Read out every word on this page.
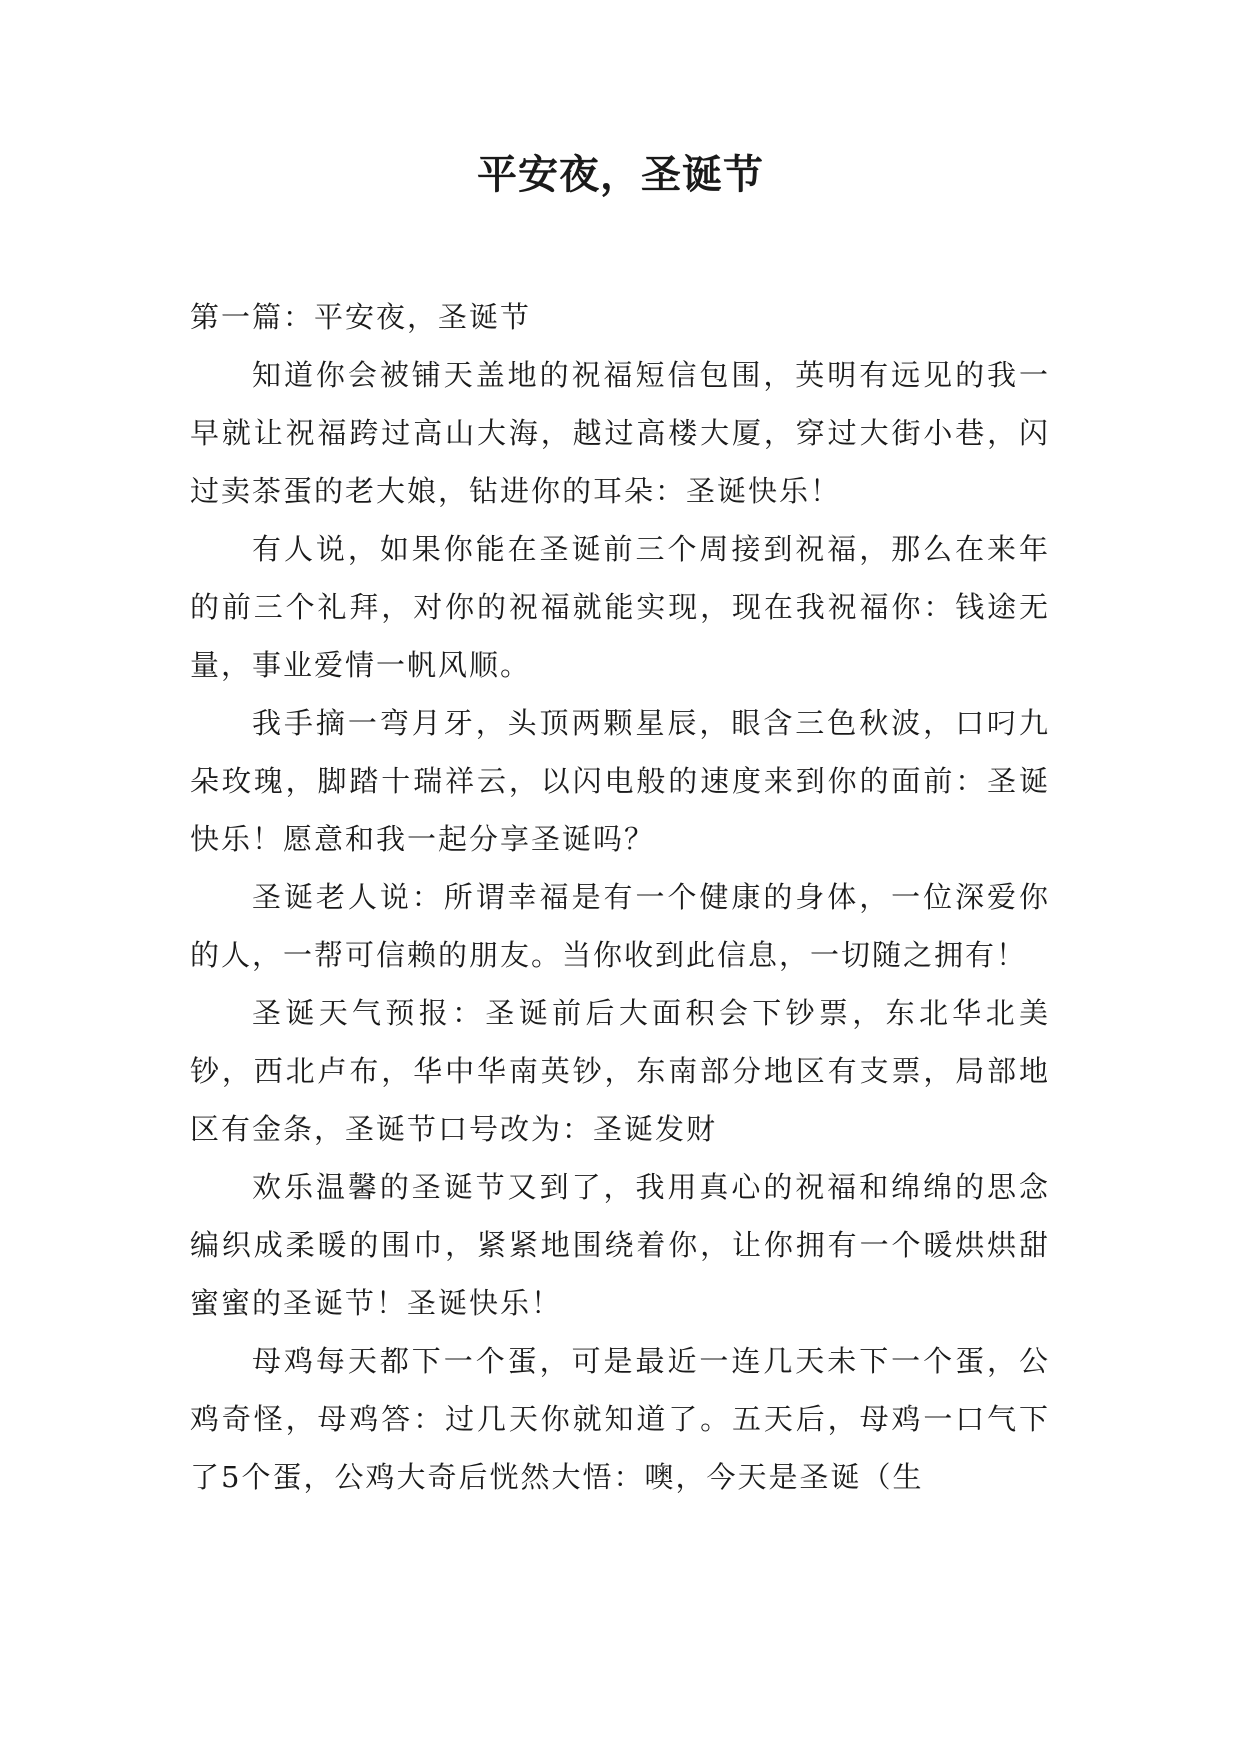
平安夜，圣诞节

第一篇：平安夜，圣诞节

知道你会被铺天盖地的祝福短信包围，英明有远见的我一早就让祝福跨过高山大海，越过高楼大厦，穿过大街小巷，闪过卖茶蛋的老大娘，钻进你的耳朵：圣诞快乐！

有人说，如果你能在圣诞前三个周接到祝福，那么在来年的前三个礼拜，对你的祝福就能实现，现在我祝福你：钱途无量，事业爱情一帆风顺。

我手摘一弯月牙，头顶两颗星辰，眼含三色秋波，口叼九朵玫瑰，脚踏十瑞祥云，以闪电般的速度来到你的面前：圣诞快乐！愿意和我一起分享圣诞吗？

圣诞老人说：所谓幸福是有一个健康的身体，一位深爱你的人，一帮可信赖的朋友。当你收到此信息，一切随之拥有！

圣诞天气预报：圣诞前后大面积会下钞票，东北华北美钞，西北卢布，华中华南英钞，东南部分地区有支票，局部地区有金条，圣诞节口号改为：圣诞发财

欢乐温馨的圣诞节又到了，我用真心的祝福和绵绵的思念编织成柔暖的围巾，紧紧地围绕着你，让你拥有一个暖烘烘甜蜜蜜的圣诞节！圣诞快乐！

母鸡每天都下一个蛋，可是最近一连几天未下一个蛋，公鸡奇怪，母鸡答：过几天你就知道了。五天后，母鸡一口气下了5个蛋，公鸡大奇后恍然大悟：噢，今天是圣诞（生
